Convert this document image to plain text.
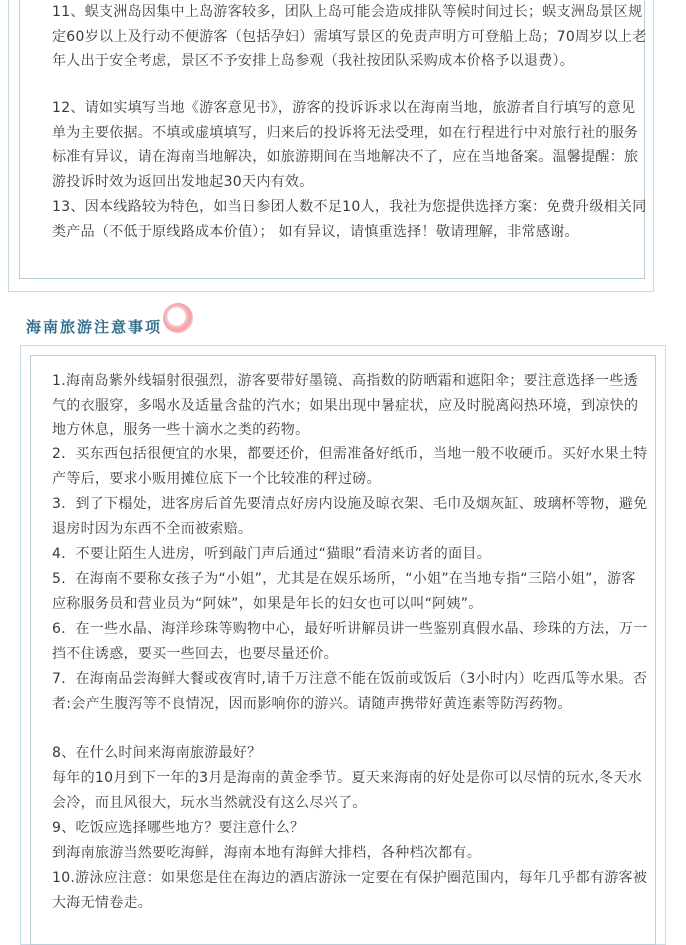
11、蜈支洲岛因集中上岛游客较多，团队上岛可能会造成排队等候时间过长；蜈支洲岛景区规定60岁以上及行动不便游客（包括孕妇）需填写景区的免责声明方可登船上岛；70周岁以上老年人出于安全考虑，景区不予安排上岛参观（我社按团队采购成本价格予以退费）。

12、请如实填写当地《游客意见书》，游客的投诉诉求以在海南当地，旅游者自行填写的意见单为主要依据。不填或虚填填写，归来后的投诉将无法受理，如在行程进行中对旅行社的服务标准有异议，请在海南当地解决，如旅游期间在当地解决不了，应在当地备案。温馨提醒：旅游投诉时效为返回出发地起30天内有效。

13、因本线路较为特色，如当日参团人数不足10人，我社为您提供选择方案：免费升级相关同类产品（不低于原线路成本价值）； 如有异议，请慎重选择！敬请理解，非常感谢。

海南旅游注意事项

1.海南岛紫外线辐射很强烈，游客要带好墨镜、高指数的防晒霜和遮阳伞；要注意选择一些透气的衣服穿，多喝水及适量含盐的汽水；如果出现中暑症状，应及时脱离闷热环境，到凉快的地方休息，服务一些十滴水之类的药物。

2．买东西包括很便宜的水果，都要还价，但需准备好纸币，当地一般不收硬币。买好水果土特产等后，要求小贩用摊位底下一个比较准的秤过磅。

3．到了下榻处，进客房后首先要清点好房内设施及晾衣架、毛巾及烟灰缸、玻璃杯等物，避免退房时因为东西不全而被索赔。

4．不要让陌生人进房，听到敲门声后通过“猫眼”看清来访者的面目。

5．在海南不要称女孩子为“小姐”，尤其是在娱乐场所，“小姐”在当地专指“三陪小姐”，游客应称服务员和营业员为“阿妹”，如果是年长的妇女也可以叫“阿姨”。

6．在一些水晶、海洋珍珠等购物中心，最好听讲解员讲一些鉴别真假水晶、珍珠的方法，万一挡不住诱惑，要买一些回去，也要尽量还价。

7．在海南品尝海鲜大餐或夜宵时,请千万注意不能在饭前或饭后（3小时内）吃西瓜等水果。否者:会产生腹泻等不良情况，因而影响你的游兴。请随声携带好黄连素等防泻药物。

8、在什么时间来海南旅游最好？

每年的10月到下一年的3月是海南的黄金季节。夏天来海南的好处是你可以尽情的玩水,冬天水会冷，而且风很大，玩水当然就没有这么尽兴了。

9、吃饭应选择哪些地方？要注意什么？

到海南旅游当然要吃海鲜，海南本地有海鲜大排档，各种档次都有。

10.游泳应注意：如果您是住在海边的酒店游泳一定要在有保护圈范围内，每年几乎都有游客被大海无情卷走。
